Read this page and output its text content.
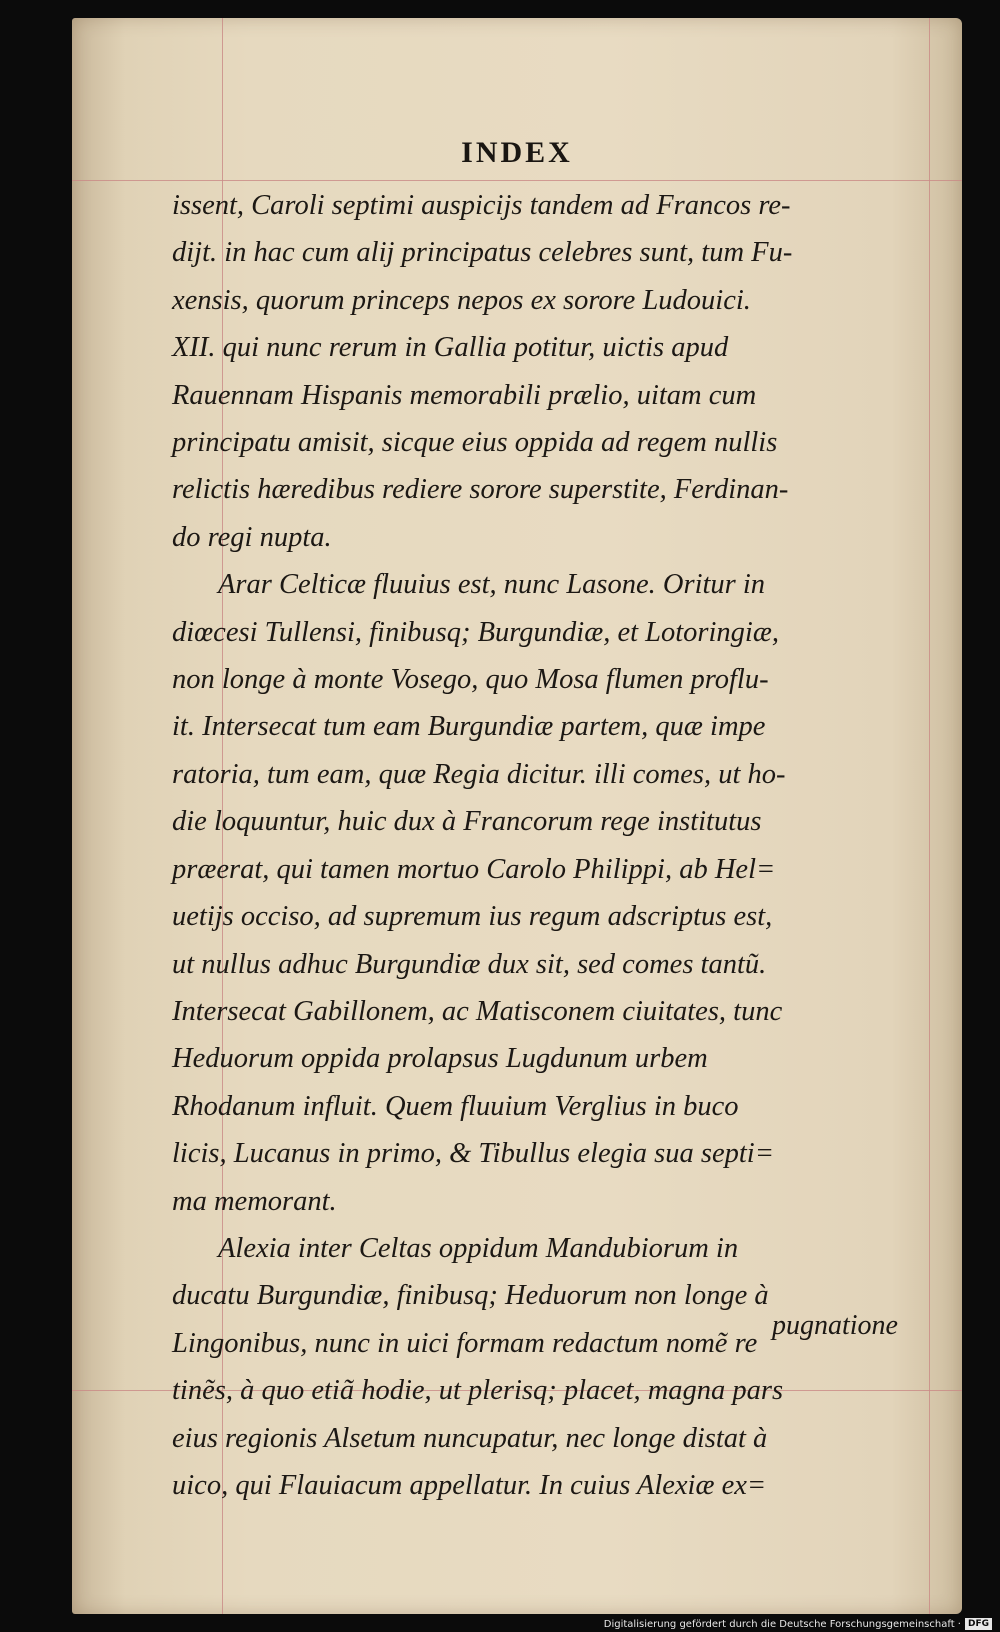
INDEX
issent, Caroli septimi auspicijs tandem ad Francos re-
dijt. in hac cum alij principatus celebres sunt, tum Fu-
xensis, quorum princeps nepos ex sorore Ludouici.
XII. qui nunc rerum in Gallia potitur, uictis apud
Rauennam Hispanis memorabili prælio, uitam cum
principatu amisit, sicque eius oppida ad regem nullis
relictis hæredibus rediere sorore superstite, Ferdinan-
do regi nupta.
Arar Celticæ fluuius est, nunc Lasone. Oritur in
diœcesi Tullensi, finibusq; Burgundiæ, et Lotoringiæ,
non longe à monte Vosego, quo Mosa flumen proflu-
it. Intersecat tum eam Burgundiæ partem, quæ impe
ratoria, tum eam, quæ Regia dicitur. illi comes, ut ho-
die loquuntur, huic dux à Francorum rege institutus
præerat, qui tamen mortuo Carolo Philippi, ab Hel=
uetijs occiso, ad supremum ius regum adscriptus est,
ut nullus adhuc Burgundiæ dux sit, sed comes tantũ.
Intersecat Gabillonem, ac Matisconem ciuitates, tunc
Heduorum oppida prolapsus Lugdunum urbem
Rhodanum influit. Quem fluuium Verglius in buco
licis, Lucanus in primo, & Tibullus elegia sua septi=
ma memorant.
Alexia inter Celtas oppidum Mandubiorum in
ducatu Burgundiæ, finibusq; Heduorum non longe à
Lingonibus, nunc in uici formam redactum nomẽ re
tinẽs, à quo etiã hodie, ut plerisq; placet, magna pars
eius regionis Alsetum nuncupatur, nec longe distat à
uico, qui Flauiacum appellatur. In cuius Alexiæ ex=
pugnatione
Digitalisierung gefördert durch die Deutsche Forschungsgemeinschaft · DFG
